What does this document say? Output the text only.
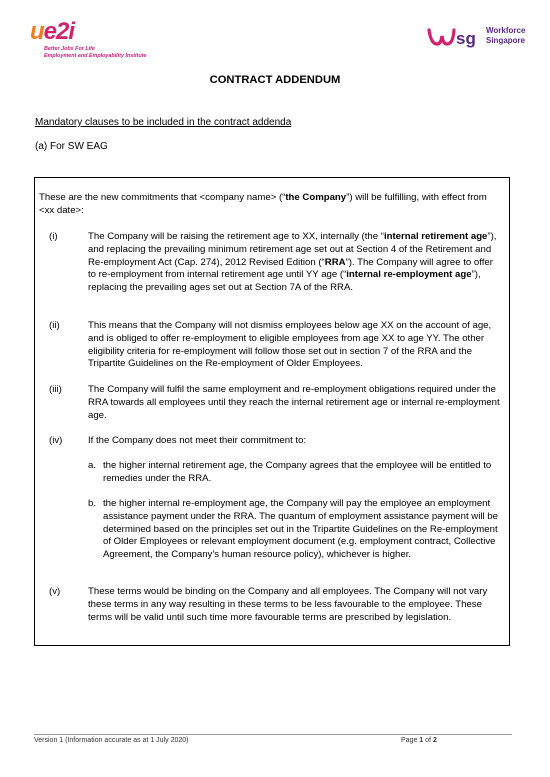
ue2i
Better Jobs For Life
Employment and Employability Institute
sg Workforce
Singapore
CONTRACT ADDENDUM
Mandatory clauses to be included in the contract addenda
(a) For SW EAG
These are the new commitments that <company name> (“the Company”) will be fulfilling, with effect from <xx date>:
(i)	The Company will be raising the retirement age to XX, internally (the “internal retirement age”), and replacing the prevailing minimum retirement age set out at Section 4 of the Retirement and Re-employment Act (Cap. 274), 2012 Revised Edition (“RRA”). The Company will agree to offer to re-employment from internal retirement age until YY age (“internal re-employment age”), replacing the prevailing ages set out at Section 7A of the RRA.
(ii)	This means that the Company will not dismiss employees below age XX on the account of age, and is obliged to offer re-employment to eligible employees from age XX to age YY. The other eligibility criteria for re-employment will follow those set out in section 7 of the RRA and the Tripartite Guidelines on the Re-employment of Older Employees.
(iii)	The Company will fulfil the same employment and re-employment obligations required under the RRA towards all employees until they reach the internal retirement age or internal re-employment age.
(iv)	If the Company does not meet their commitment to:
a. the higher internal retirement age, the Company agrees that the employee will be entitled to remedies under the RRA.
b. the higher internal re-employment age, the Company will pay the employee an employment assistance payment under the RRA. The quantum of employment assistance payment will be determined based on the principles set out in the Tripartite Guidelines on the Re-employment of Older Employees or relevant employment document (e.g. employment contract, Collective Agreement, the Company’s human resource policy), whichever is higher.
(v)	These terms would be binding on the Company and all employees. The Company will not vary these terms in any way resulting in these terms to be less favourable to the employee. These terms will be valid until such time more favourable terms are prescribed by legislation.
Version 1 (Information accurate as at 1 July 2020)	Page 1 of 2
